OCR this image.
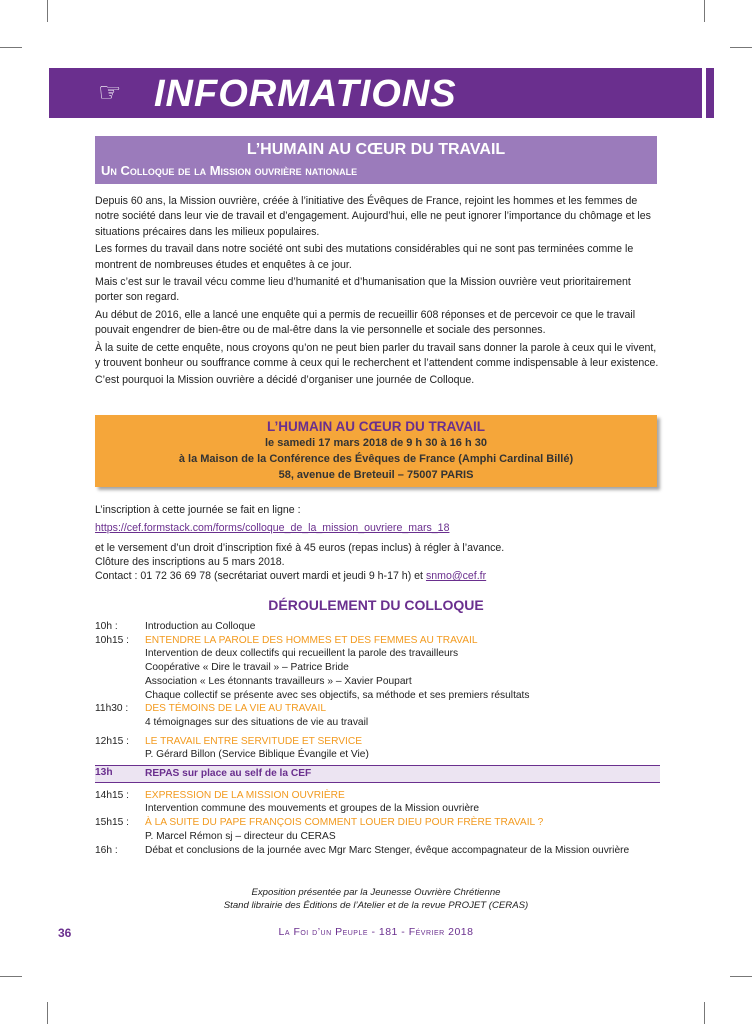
☞ INFORMATIONS
L’HUMAIN AU CŒUR DU TRAVAIL
Un Colloque de la Mission ouvrière nationale

Depuis 60 ans, la Mission ouvrière, créée à l’initiative des Évêques de France, rejoint les hommes et les femmes de notre société dans leur vie de travail et d’engagement. Aujourd’hui, elle ne peut ignorer l’importance du chômage et les situations précaires dans les milieux populaires.

Les formes du travail dans notre société ont subi des mutations considérables qui ne sont pas terminées comme le montrent de nombreuses études et enquêtes à ce jour.

Mais c’est sur le travail vécu comme lieu d’humanité et d’humanisation que la Mission ouvrière veut prioritairement porter son regard.

Au début de 2016, elle a lancé une enquête qui a permis de recueillir 608 réponses et de percevoir ce que le travail pouvait engendrer de bien-être ou de mal-être dans la vie personnelle et sociale des personnes.

À la suite de cette enquête, nous croyons qu’on ne peut bien parler du travail sans donner la parole à ceux qui le vivent, y trouvent bonheur ou souffrance comme à ceux qui le recherchent et l’attendent comme indispensable à leur existence.

C’est pourquoi la Mission ouvrière a décidé d’organiser une journée de Colloque.

L’HUMAIN AU CŒUR DU TRAVAIL
le samedi 17 mars 2018 de 9 h 30 à 16 h 30
à la Maison de la Conférence des Évêques de France (Amphi Cardinal Billé)
58, avenue de Breteuil – 75007 PARIS
L’inscription à cette journée se fait en ligne :
https://cef.formstack.com/forms/colloque_de_la_mission_ouvriere_mars_18
et le versement d’un droit d’inscription fixé à 45 euros (repas inclus) à régler à l’avance.
Clôture des inscriptions au 5 mars 2018.
Contact : 01 72 36 69 78 (secrétariat ouvert mardi et jeudi 9 h-17 h) et snmo@cef.fr
DÉROULEMENT DU COLLOQUE
10h :	Introduction au Colloque
10h15 :	ENTENDRE LA PAROLE DES HOMMES ET DES FEMMES AU TRAVAIL
Intervention de deux collectifs qui recueillent la parole des travailleurs
Coopérative « Dire le travail » – Patrice Bride
Association « Les étonnants travailleurs » – Xavier Poupart
Chaque collectif se présente avec ses objectifs, sa méthode et ses premiers résultats
11h30 :	DES TÉMOINS DE LA VIE AU TRAVAIL
4 témoignages sur des situations de vie au travail
12h15 :	LE TRAVAIL ENTRE SERVITUDE ET SERVICE
P. Gérard Billon (Service Biblique Évangile et Vie)
13h	REPAS sur place au self de la CEF
14h15 :	EXPRESSION DE LA MISSION OUVRIÈRE
Intervention commune des mouvements et groupes de la Mission ouvrière
15h15 :	À LA SUITE DU PAPE FRANÇOIS COMMENT LOUER DIEU POUR FRÈRE TRAVAIL ?
P. Marcel Rémon sj – directeur du CERAS
16h :	Débat et conclusions de la journée avec Mgr Marc Stenger, évêque accompagnateur de la Mission ouvrière
Exposition présentée par la Jeunesse Ouvrière Chrétienne
Stand librairie des Éditions de l’Atelier et de la revue PROJET (CERAS)
36	La Foi d’un Peuple - 181 - Février 2018
